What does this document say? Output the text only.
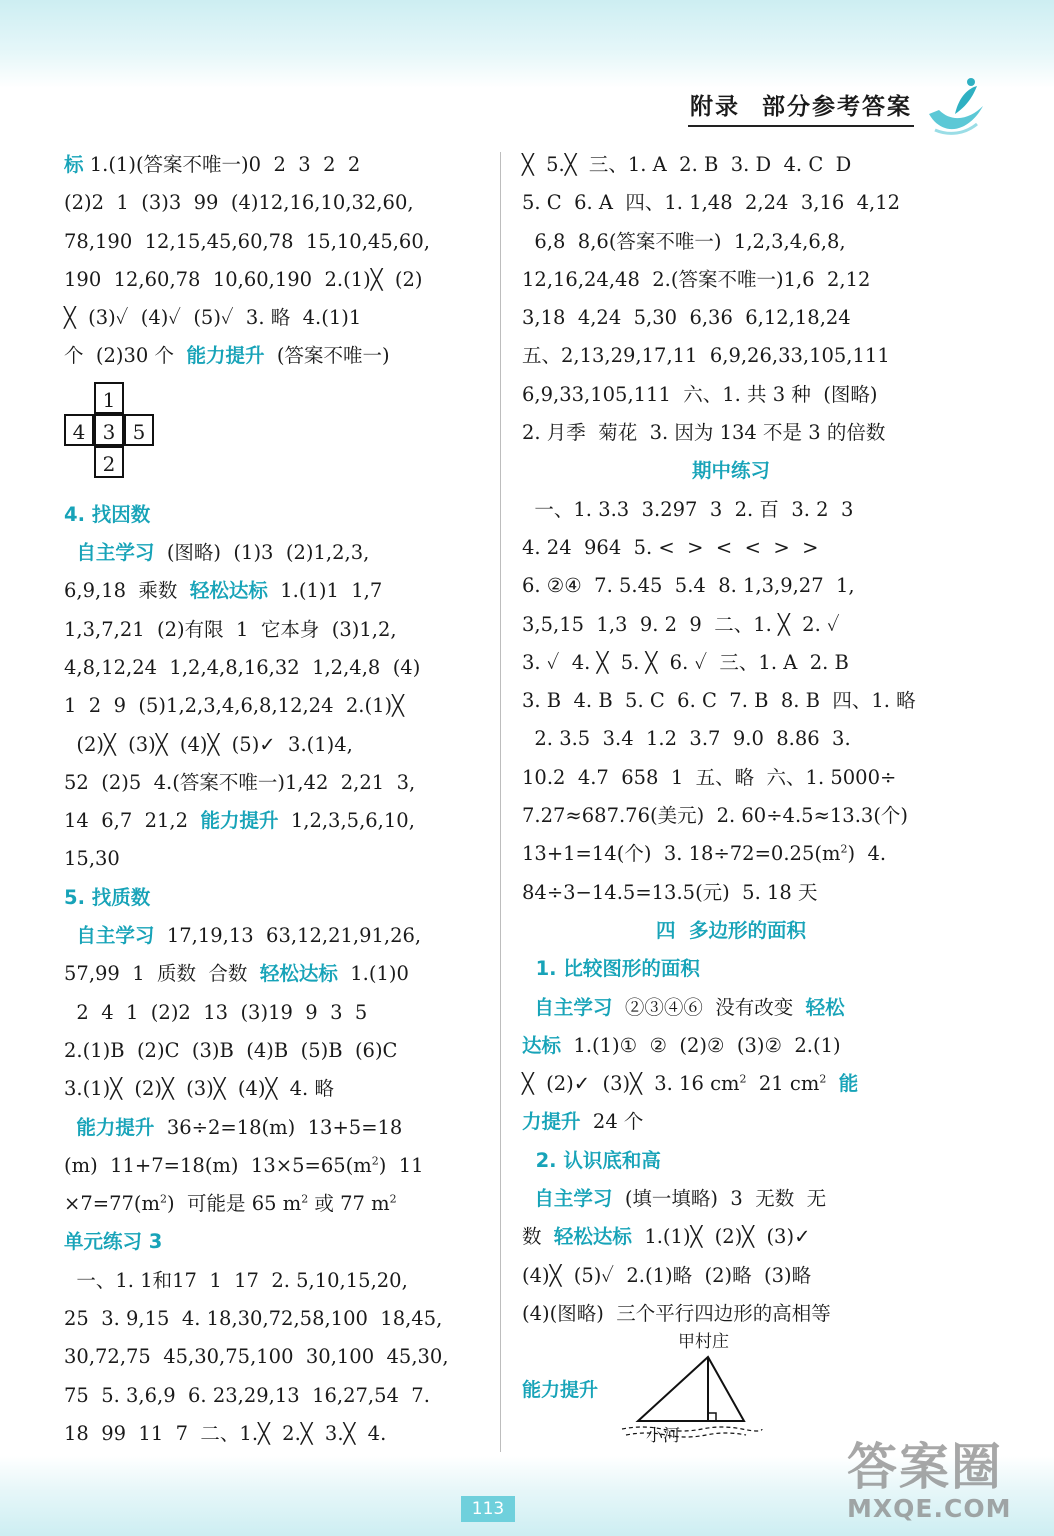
附录 部分参考答案
标 1.(1)(答案不唯一)0  2  3  2  2
(2)2  1  (3)3  99  (4)12,16,10,32,60,
78,190  12,15,45,60,78  15,10,45,60,
190  12,60,78  10,60,190  2.(1)╳  (2)
╳  (3)✓  (4)✓  (5)✓  3. 略  4.(1)1
个  (2)30 个  能力提升  (答案不唯一)
1
4 3 5
2
4. 找因数
自主学习  (图略)  (1)3  (2)1,2,3,
6,9,18  乘数  轻松达标  1.(1)1  1,7
1,3,7,21  (2)有限  1  它本身  (3)1,2,
4,8,12,24  1,2,4,8,16,32  1,2,4,8  (4)
1  2  9  (5)1,2,3,4,6,8,12,24  2.(1)╳
(2)╳  (3)╳  (4)╳  (5)✓  3.(1)4,
52  (2)5  4.(答案不唯一)1,42  2,21  3,
14  6,7  21,2  能力提升  1,2,3,5,6,10,
15,30
5. 找质数
自主学习  17,19,13  63,12,21,91,26,
57,99  1  质数  合数  轻松达标  1.(1)0
2  4  1  (2)2  13  (3)19  9  3  5
2.(1)B  (2)C  (3)B  (4)B  (5)B  (6)C
3.(1)╳  (2)╳  (3)╳  (4)╳  4. 略
能力提升  36÷2=18(m)  13+5=18
(m)  11+7=18(m)  $13\times 5=65(m^2)$  11
$\times 7=77(m^2)$  可能是 65 $m^2$ 或 77 $m^2$
单元练习 3
一、1. 1和17  1  17  2. 5,10,15,20,
25  3. 9,15  4. 18,30,72,58,100  18,45,
30,72,75  45,30,75,100  30,100  45,30,
75  5. 3,6,9  6. 23,29,13  16,27,54  7.
18  99  11  7  二、1.╳  2.╳  3.╳  4.
╳  5.╳  三、1. A  2. B  3. D  4. C  D
5. C  6. A  四、1. 1,48  2,24  3,16  4,12
6,8  8,6(答案不唯一)  1,2,3,4,6,8,
12,16,24,48  2.(答案不唯一)1,6  2,12
3,18  4,24  5,30  6,36  6,12,18,24
五、2,13,29,17,11  6,9,26,33,105,111
6,9,33,105,111  六、1. 共 3 种  (图略)
2. 月季  菊花  3. 因为 134 不是 3 的倍数
期中练习
一、1. 3.3  3.297  3  2. 百  3. 2  3
4. 24  964  5. <  >  <  <  >  >
6. ②④  7. 5.45  5.4  8. 1,3,9,27  1,
3,5,15  1,3  9. 2  9  二、1. ╳  2. ✓
3. ✓  4. ╳  5. ╳  6. ✓  三、1. A  2. B
3. B  4. B  5. C  6. C  7. B  8. B  四、1. 略
2. 3.5  3.4  1.2  3.7  9.0  8.86  3.
10.2  4.7  658  1  五、略  六、1. 5000÷
7.27≈687.76(美元)  2. 60÷4.5≈13.3(个)
13+1=14(个)  3. $18\div 72=0.25(m^2)$  4.
84÷3−14.5=13.5(元)  5. 18 天
四  多边形的面积
1. 比较图形的面积
自主学习  ②③④⑥  没有改变  轻松
达标  1.(1)①  ②  (2)②  (3)②  2.(1)
╳  (2)✓  (3)╳  3. 16 $cm^2$  21 $cm^2$ 能
力提升  24 个
2. 认识底和高
自主学习  (填一填略)  3  无数  无
数  轻松达标  1.(1)╳  (2)╳  (3)✓
(4)╳  (5)✓  2.(1)略  (2)略  (3)略
(4)(图略)  三个平行四边形的高相等
甲村庄
小河
能力提升
113
答案圈
MXQE.COM
